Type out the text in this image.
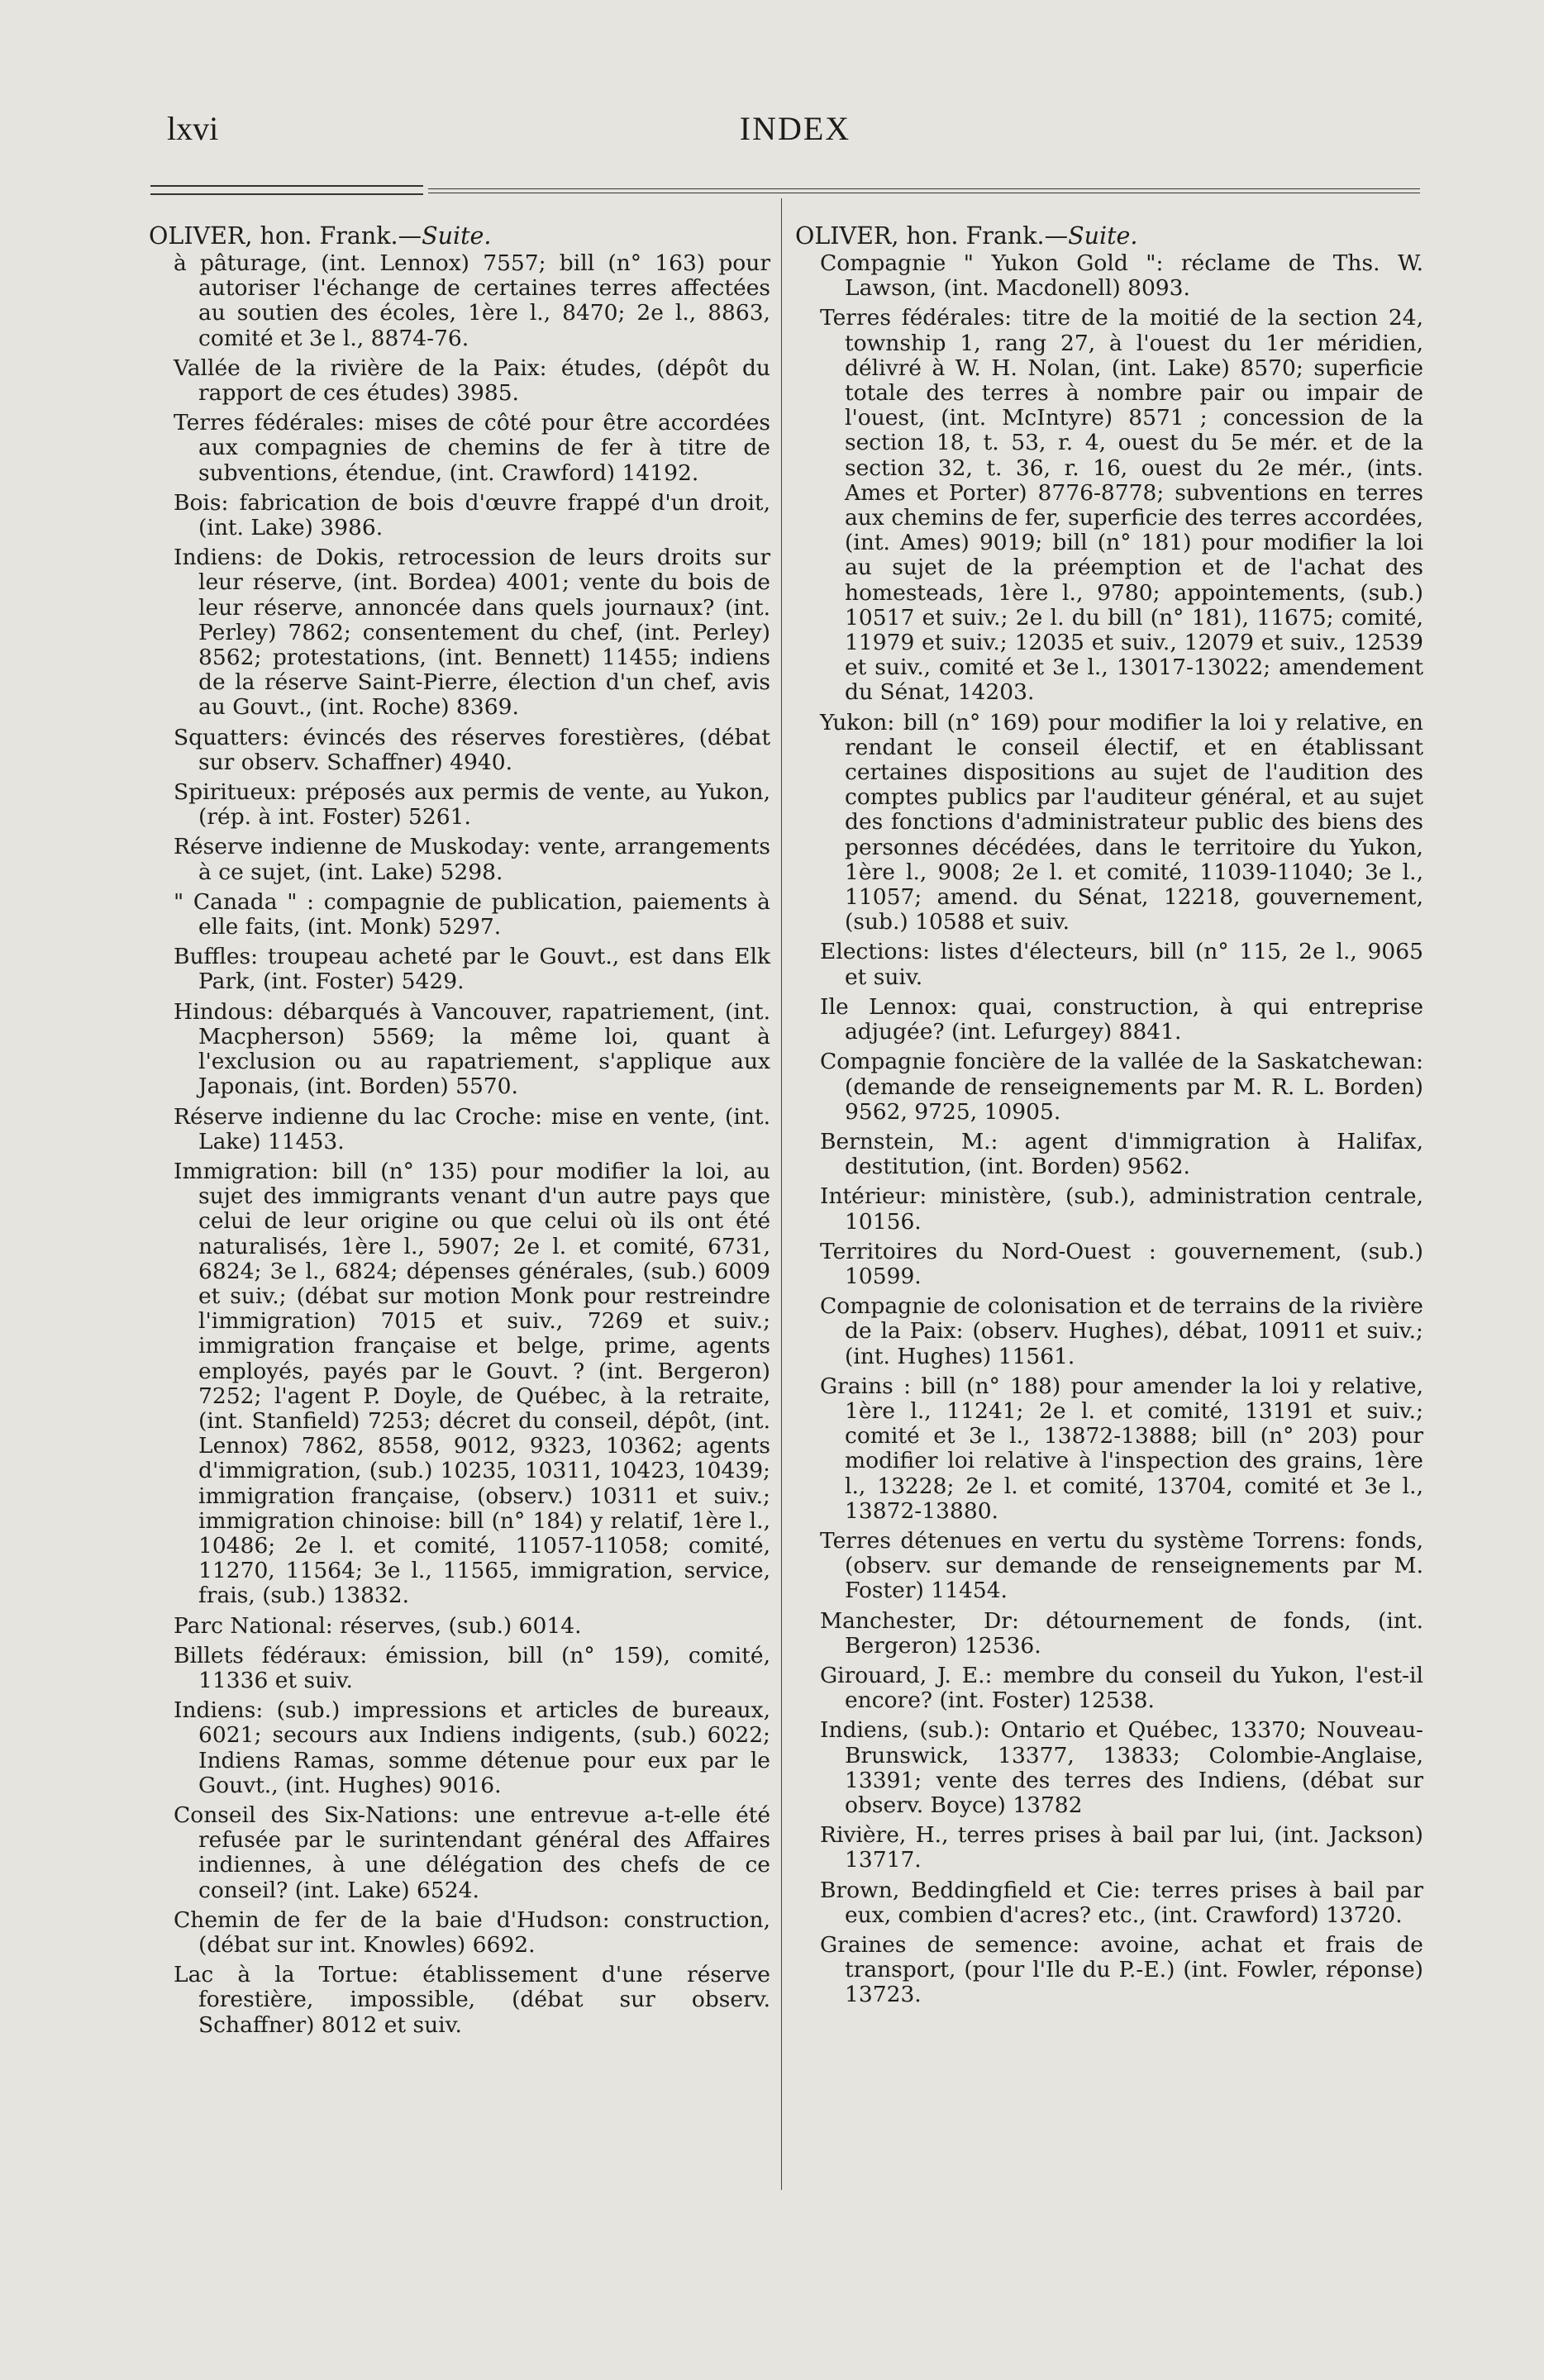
lxvi	INDEX
OLIVER, hon. Frank.—Suite.

à pâturage, (int. Lennox) 7557; bill (n° 163) pour autoriser l'échange de certaines terres affectées au soutien des écoles, 1ère l., 8470; 2e l., 8863, comité et 3e l., 8874-76.

Vallée de la rivière de la Paix: études, (dépôt du rapport de ces études) 3985.

Terres fédérales: mises de côté pour être accordées aux compagnies de chemins de fer à titre de subventions, étendue, (int. Crawford) 14192.

Bois: fabrication de bois d'œuvre frappé d'un droit, (int. Lake) 3986.

Indiens: de Dokis, retrocession de leurs droits sur leur réserve, (int. Bordea) 4001; vente du bois de leur réserve, annoncée dans quels journaux? (int. Perley) 7862; consentement du chef, (int. Perley) 8562; protestations, (int. Bennett) 11455; indiens de la réserve Saint-Pierre, élection d'un chef, avis au Gouvt., (int. Roche) 8369.

Squatters: évincés des réserves forestières, (débat sur observ. Schaffner) 4940.

Spiritueux: préposés aux permis de vente, au Yukon, (rép. à int. Foster) 5261.

Réserve indienne de Muskoday: vente, arrangements à ce sujet, (int. Lake) 5298.

" Canada " : compagnie de publication, paiements à elle faits, (int. Monk) 5297.

Buffles: troupeau acheté par le Gouvt., est dans Elk Park, (int. Foster) 5429.

Hindous: débarqués à Vancouver, rapatriement, (int. Macpherson) 5569; la même loi, quant à l'exclusion ou au rapatriement, s'applique aux Japonais, (int. Borden) 5570.

Réserve indienne du lac Croche: mise en vente, (int. Lake) 11453.

Immigration: bill (n° 135) pour modifier la loi, au sujet des immigrants venant d'un autre pays que celui de leur origine ou que celui où ils ont été naturalisés, 1ère l., 5907; 2e l. et comité, 6731, 6824; 3e l., 6824; dépenses générales, (sub.) 6009 et suiv.; (débat sur motion Monk pour restreindre l'immigration) 7015 et suiv., 7269 et suiv.; immigration française et belge, prime, agents employés, payés par le Gouvt. ? (int. Bergeron) 7252; l'agent P. Doyle, de Québec, à la retraite, (int. Stanfield) 7253; décret du conseil, dépôt, (int. Lennox) 7862, 8558, 9012, 9323, 10362; agents d'immigration, (sub.) 10235, 10311, 10423, 10439; immigration française, (observ.) 10311 et suiv.; immigration chinoise: bill (n° 184) y relatif, 1ère l., 10486; 2e l. et comité, 11057-11058; comité, 11270, 11564; 3e l., 11565, immigration, service, frais, (sub.) 13832.

Parc National: réserves, (sub.) 6014.

Billets fédéraux: émission, bill (n° 159), comité, 11336 et suiv.

Indiens: (sub.) impressions et articles de bureaux, 6021; secours aux Indiens indigents, (sub.) 6022; Indiens Ramas, somme détenue pour eux par le Gouvt., (int. Hughes) 9016.

Conseil des Six-Nations: une entrevue a-t-elle été refusée par le surintendant général des Affaires indiennes, à une délégation des chefs de ce conseil? (int. Lake) 6524.

Chemin de fer de la baie d'Hudson: construction, (débat sur int. Knowles) 6692.

Lac à la Tortue: établissement d'une réserve forestière, impossible, (débat sur observ. Schaffner) 8012 et suiv.

OLIVER, hon. Frank.—Suite.

Compagnie " Yukon Gold ": réclame de Ths. W. Lawson, (int. Macdonell) 8093.

Terres fédérales: titre de la moitié de la section 24, township 1, rang 27, à l'ouest du 1er méridien, délivré à W. H. Nolan, (int. Lake) 8570; superficie totale des terres à nombre pair ou impair de l'ouest, (int. McIntyre) 8571 ; concession de la section 18, t. 53, r. 4, ouest du 5e mér. et de la section 32, t. 36, r. 16, ouest du 2e mér., (ints. Ames et Porter) 8776-8778; subventions en terres aux chemins de fer, superficie des terres accordées, (int. Ames) 9019; bill (n° 181) pour modifier la loi au sujet de la préemption et de l'achat des homesteads, 1ère l., 9780; appointements, (sub.) 10517 et suiv.; 2e l. du bill (n° 181), 11675; comité, 11979 et suiv.; 12035 et suiv., 12079 et suiv., 12539 et suiv., comité et 3e l., 13017-13022; amendement du Sénat, 14203.

Yukon: bill (n° 169) pour modifier la loi y relative, en rendant le conseil électif, et en établissant certaines dispositions au sujet de l'audition des comptes publics par l'auditeur général, et au sujet des fonctions d'administrateur public des biens des personnes décédées, dans le territoire du Yukon, 1ère l., 9008; 2e l. et comité, 11039-11040; 3e l., 11057; amend. du Sénat, 12218, gouvernement, (sub.) 10588 et suiv.

Elections: listes d'électeurs, bill (n° 115, 2e l., 9065 et suiv.

Ile Lennox: quai, construction, à qui entreprise adjugée? (int. Lefurgey) 8841.

Compagnie foncière de la vallée de la Saskatchewan: (demande de renseignements par M. R. L. Borden) 9562, 9725, 10905.

Bernstein, M.: agent d'immigration à Halifax, destitution, (int. Borden) 9562.

Intérieur: ministère, (sub.), administration centrale, 10156.

Territoires du Nord-Ouest : gouvernement, (sub.) 10599.

Compagnie de colonisation et de terrains de la rivière de la Paix: (observ. Hughes), débat, 10911 et suiv.; (int. Hughes) 11561.

Grains : bill (n° 188) pour amender la loi y relative, 1ère l., 11241; 2e l. et comité, 13191 et suiv.; comité et 3e l., 13872-13888; bill (n° 203) pour modifier loi relative à l'inspection des grains, 1ère l., 13228; 2e l. et comité, 13704, comité et 3e l., 13872-13880.

Terres détenues en vertu du système Torrens: fonds, (observ. sur demande de renseignements par M. Foster) 11454.

Manchester, Dr: détournement de fonds, (int. Bergeron) 12536.

Girouard, J. E.: membre du conseil du Yukon, l'est-il encore? (int. Foster) 12538.

Indiens, (sub.): Ontario et Québec, 13370; Nouveau-Brunswick, 13377, 13833; Colombie-Anglaise, 13391; vente des terres des Indiens, (débat sur observ. Boyce) 13782

Rivière, H., terres prises à bail par lui, (int. Jackson) 13717.

Brown, Beddingfield et Cie: terres prises à bail par eux, combien d'acres? etc., (int. Crawford) 13720.

Graines de semence: avoine, achat et frais de transport, (pour l'Ile du P.-E.) (int. Fowler, réponse) 13723.
